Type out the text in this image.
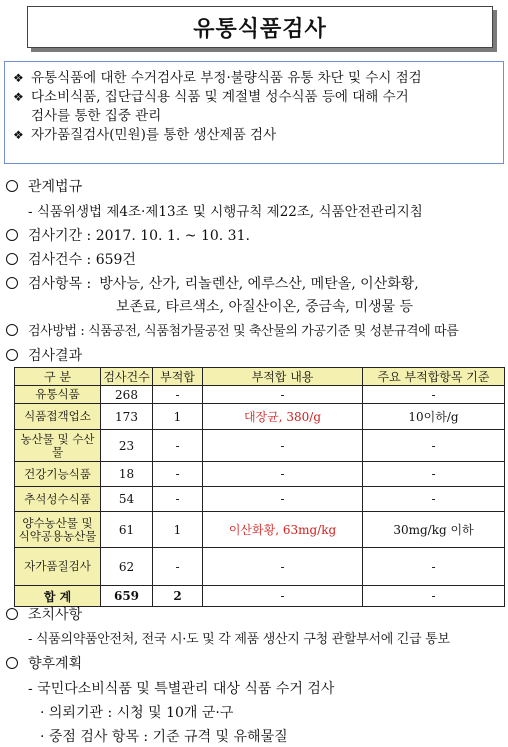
유통식품검사
❖ 유통식품에 대한 수거검사로 부정·불량식품 유통 차단 및 수시 점검
❖ 다소비식품, 집단급식용 식품 및 계절별 성수식품 등에 대해 수거
검사를 통한 집중 관리
❖ 자가품질검사(민원)를 통한 생산제품 검사
관계법규
- 식품위생법 제4조·제13조 및 시행규칙 제22조, 식품안전관리지침
검사기간 : 2017. 10. 1. ~ 10. 31.
검사건수 : 659건
검사항목 : 방사능, 산가, 리놀렌산, 에루스산, 메탄올, 이산화황,
보존료, 타르색소, 아질산이온, 중금속, 미생물 등
검사방법 : 식품공전, 식품첨가물공전 및 축산물의 가공기준 및 성분규격에 따름
검사결과
구 분	검사건수	부적합	부적합 내용	주요 부적합항목 기준
유통식품	268	-	-	-
식품접객업소	173	1	대장균, 380/g	10이하/g
농산물 및 수산물	23	-	-	-
건강기능식품	18	-	-	-
추석성수식품	54	-	-	-
양수농산물 및 식약공용농산물	61	1	이산화황, 63mg/kg	30mg/kg 이하
자가품질검사	62	-	-	-
합 계	659	2	-	-
조치사항
- 식품의약품안전처, 전국 시·도 및 각 제품 생산지 구청 관할부서에 긴급 통보
향후계획
- 국민다소비식품 및 특별관리 대상 식품 수거 검사
· 의뢰기관 : 시청 및 10개 군·구
· 중점 검사 항목 : 기준 규격 및 유해물질
